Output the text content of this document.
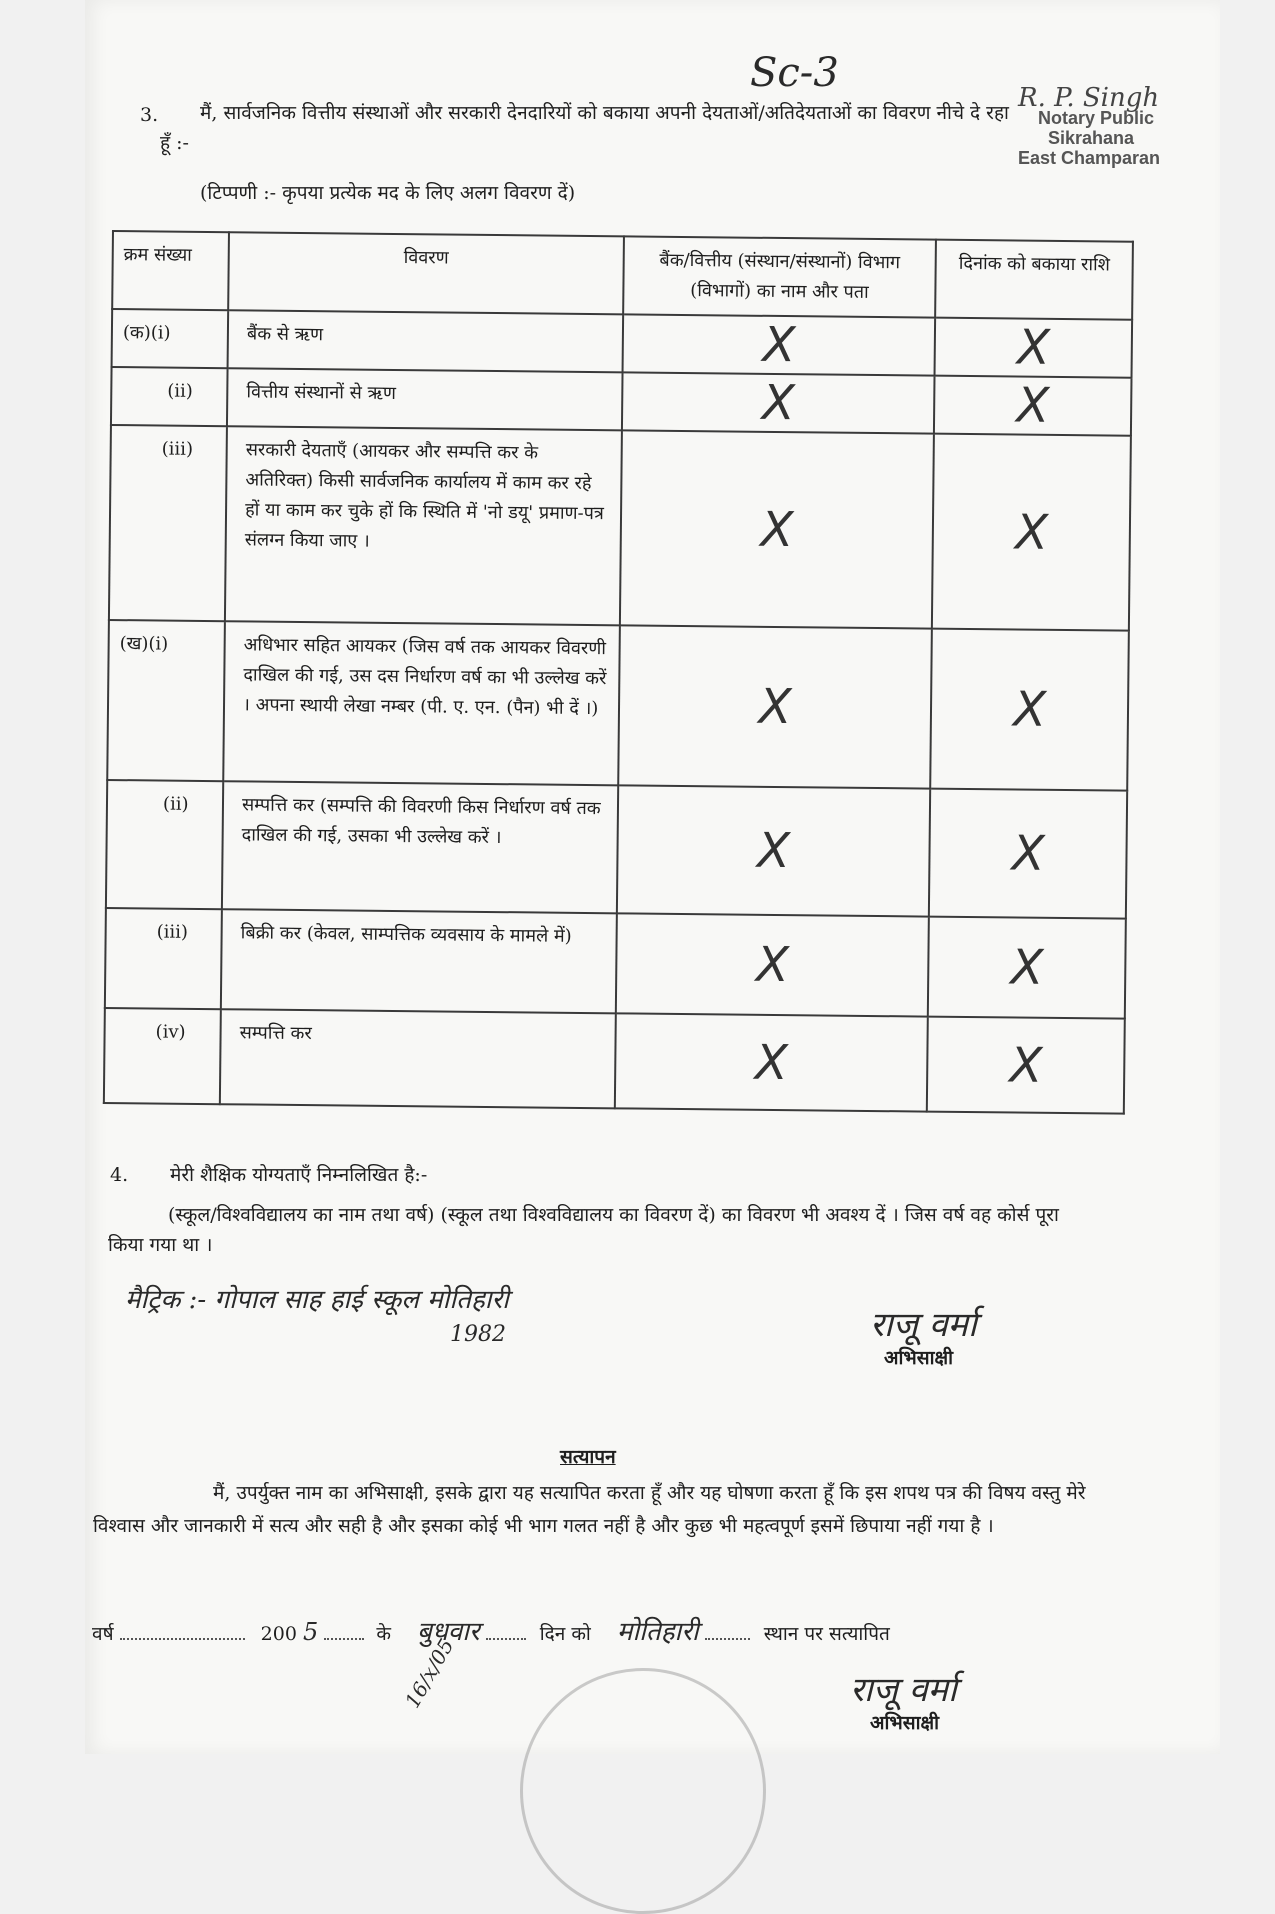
Sc-3
R. P. Singh
Notary Public
Sikrahana
East Champaran
3.	मैं, सार्वजनिक वित्तीय संस्थाओं और सरकारी देनदारियों को बकाया अपनी देयताओं/अतिदेयताओं का विवरण नीचे दे रहा हूँ :-
(टिप्पणी :- कृपया प्रत्येक मद के लिए अलग विवरण दें)
क्रम संख्या	विवरण	बैंक/वित्तीय (संस्थान/संस्थानों) विभाग (विभागों) का नाम और पता	दिनांक को बकाया राशि
(क)(i)	बैंक से ऋण	X	X
(ii)	वित्तीय संस्थानों से ऋण	X	X
(iii)	सरकारी देयताएँ (आयकर और सम्पत्ति कर के अतिरिक्त) किसी सार्वजनिक कार्यालय में काम कर रहे हों या काम कर चुके हों कि स्थिति में 'नो डयू' प्रमाण-पत्र संलग्न किया जाए ।	X	X
(ख)(i)	अधिभार सहित आयकर (जिस वर्ष तक आयकर विवरणी दाखिल की गई, उस दस निर्धारण वर्ष का भी उल्लेख करें । अपना स्थायी लेखा नम्बर (पी. ए. एन. (पैन) भी दें ।)	X	X
(ii)	सम्पत्ति कर (सम्पत्ति की विवरणी किस निर्धारण वर्ष तक दाखिल की गई, उसका भी उल्लेख करें ।	X	X
(iii)	बिक्री कर (केवल, साम्पत्तिक व्यवसाय के मामले में)	X	X
(iv)	सम्पत्ति कर	X	X
4. मेरी शैक्षिक योग्यताएँ निम्नलिखित है:-
(स्कूल/विश्वविद्यालय का नाम तथा वर्ष) (स्कूल तथा विश्वविद्यालय का विवरण दें) का विवरण भी अवश्य दें । जिस वर्ष वह कोर्स पूरा किया गया था ।
मैट्रिक :- गोपाल साह हाई स्कूल मोतिहारी
1982	राजू वर्मा
अभिसाक्षी
सत्यापन
मैं, उपर्युक्त नाम का अभिसाक्षी, इसके द्वारा यह सत्यापित करता हूँ और यह घोषणा करता हूँ कि इस शपथ पत्र की विषय वस्तु मेरे विश्वास और जानकारी में सत्य और सही है और इसका कोई भी भाग गलत नहीं है और कुछ भी महत्वपूर्ण इसमें छिपाया नहीं गया है ।
वर्ष	200 5	के बुधवार	दिन को मोतिहारी	स्थान पर सत्यापित
राजू वर्मा
अभिसाक्षी
16/x/05
